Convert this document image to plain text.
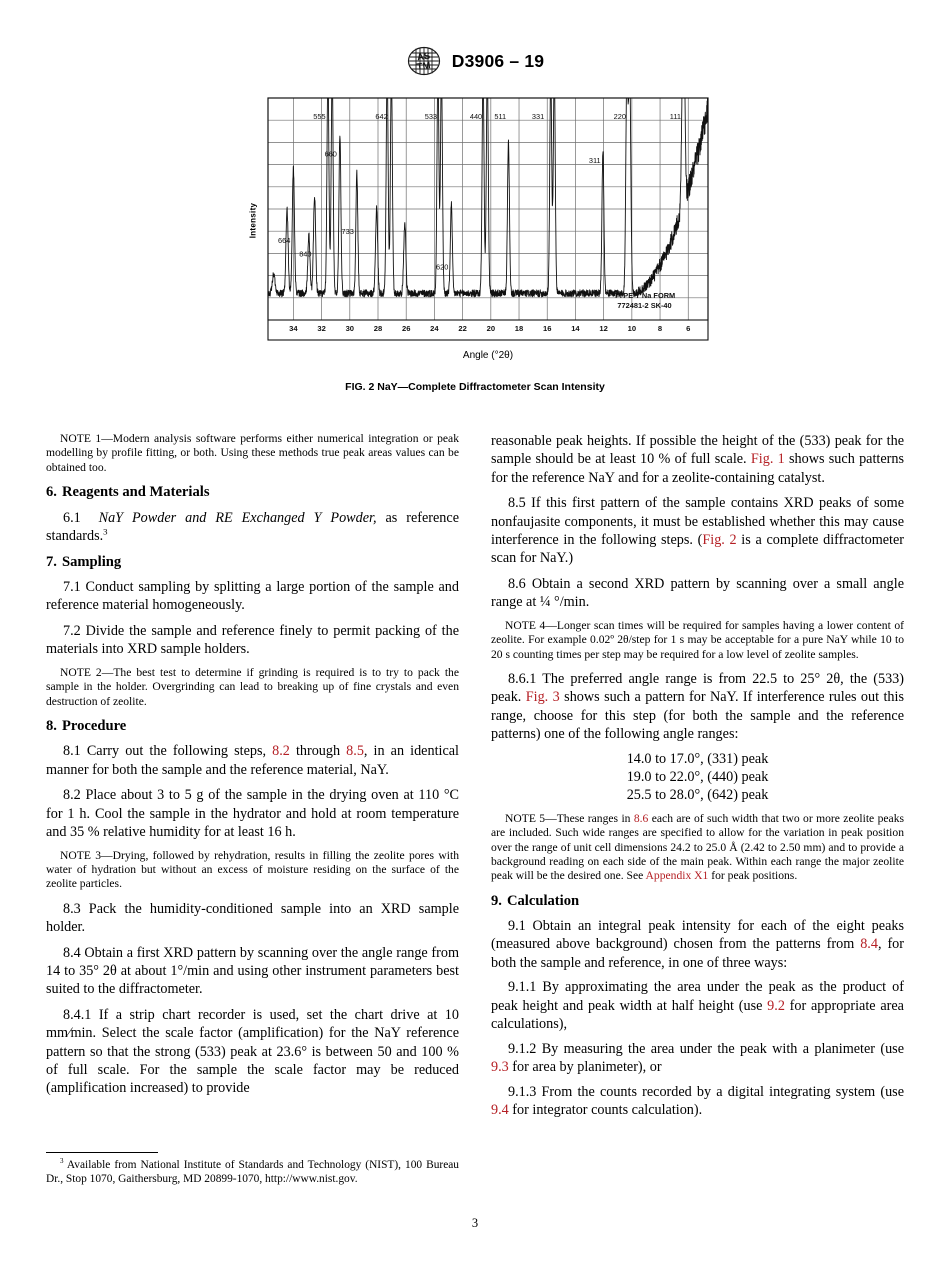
AS
TM D3906 – 19
Intensity
664
840
555
660
733
642	533
620
440 511	331
311
220	111
34	32	30	28	26	24	22	20	18	16	14	12	10	8	6
TYPE Y Na FORM
772481-2 SK-40
Angle (°2θ)
FIG. 2 NaY—Complete Diffractometer Scan Intensity

NOTE 1—Modern analysis software performs either numerical integration or peak modelling by profile fitting, or both. Using these methods true peak areas values can be obtained too.

6. Reagents and Materials

6.1 NaY Powder and RE Exchanged Y Powder, as reference standards.$^3$

7. Sampling

7.1 Conduct sampling by splitting a large portion of the sample and reference material homogeneously.

7.2 Divide the sample and reference finely to permit packing of the materials into XRD sample holders.

NOTE 2—The best test to determine if grinding is required is to try to pack the sample in the holder. Overgrinding can lead to breaking up of fine crystals and even destruction of zeolite.

8. Procedure

8.1 Carry out the following steps, 8.2 through 8.5, in an identical manner for both the sample and the reference material, NaY.

8.2 Place about 3 to 5 g of the sample in the drying oven at 110 °C for 1 h. Cool the sample in the hydrator and hold at room temperature and 35 % relative humidity for at least 16 h.

NOTE 3—Drying, followed by rehydration, results in filling the zeolite pores with water of hydration but without an excess of moisture residing on the surface of the zeolite particles.

8.3 Pack the humidity-conditioned sample into an XRD sample holder.

8.4 Obtain a first XRD pattern by scanning over the angle range from 14 to 35° 2θ at about 1°/min and using other instrument parameters best suited to the diffractometer.

8.4.1 If a strip chart recorder is used, set the chart drive at 10 mm⁄min. Select the scale factor (amplification) for the NaY reference pattern so that the strong (533) peak at 23.6° is between 50 and 100 % of full scale. For the sample the scale factor may be reduced (amplification increased) to provide

reasonable peak heights. If possible the height of the (533) peak for the sample should be at least 10 % of full scale. Fig. 1 shows such patterns for the reference NaY and for a zeolite-containing catalyst.

8.5 If this first pattern of the sample contains XRD peaks of some nonfaujasite components, it must be established whether this may cause interference in the following steps. (Fig. 2 is a complete diffractometer scan for NaY.)

8.6 Obtain a second XRD pattern by scanning over a small angle range at ¼ °/min.

NOTE 4—Longer scan times will be required for samples having a lower content of zeolite. For example 0.02º 2θ/step for 1 s may be acceptable for a pure NaY while 10 to 20 s counting times per step may be required for a low level of zeolite samples.

8.6.1 The preferred angle range is from 22.5 to 25° 2θ, the (533) peak. Fig. 3 shows such a pattern for NaY. If interference rules out this range, choose for this step (for both the sample and the reference patterns) one of the following angle ranges:

14.0 to 17.0°, (331) peak

19.0 to 22.0°, (440) peak

25.5 to 28.0°, (642) peak

NOTE 5—These ranges in 8.6 each are of such width that two or more zeolite peaks are included. Such wide ranges are specified to allow for the variation in peak position over the range of unit cell dimensions 24.2 to 25.0 Å (2.42 to 2.50 mm) and to provide a background reading on each side of the main peak. Within each range the major zeolite peak will be the desired one. See Appendix X1 for peak positions.

9. Calculation

9.1 Obtain an integral peak intensity for each of the eight peaks (measured above background) chosen from the patterns from 8.4, for both the sample and reference, in one of three ways:

9.1.1 By approximating the area under the peak as the product of peak height and peak width at half height (use 9.2 for appropriate area calculations),

9.1.2 By measuring the area under the peak with a planimeter (use 9.3 for area by planimeter), or

9.1.3 From the counts recorded by a digital integrating system (use 9.4 for integrator counts calculation).

$^3$ Available from National Institute of Standards and Technology (NIST), 100 Bureau Dr., Stop 1070, Gaithersburg, MD 20899-1070, http://www.nist.gov.

3
